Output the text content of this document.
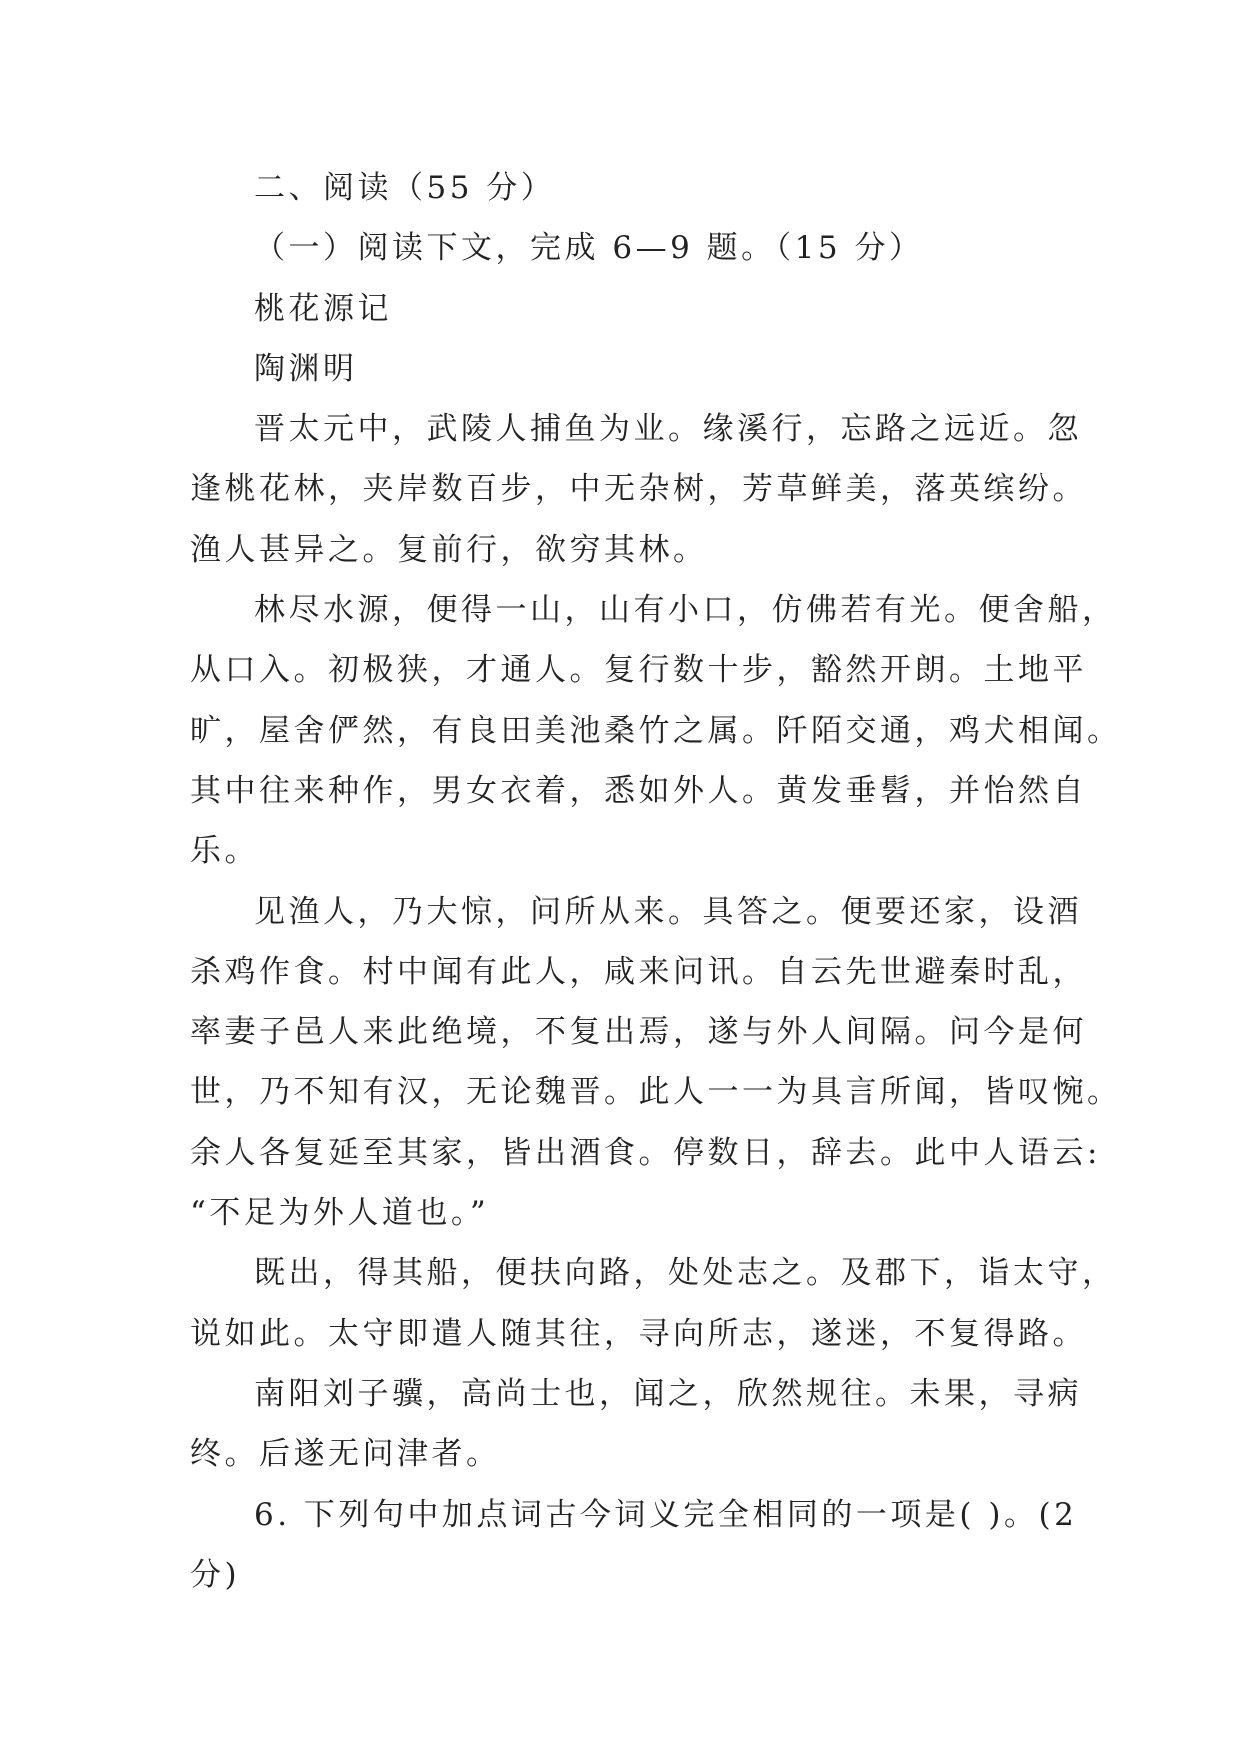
二、阅读（55 分）

（一）阅读下文，完成 6—9 题。（15 分）

桃花源记

陶渊明

晋太元中，武陵人捕鱼为业。缘溪行，忘路之远近。忽
逢桃花林，夹岸数百步，中无杂树，芳草鲜美，落英缤纷。
渔人甚异之。复前行，欲穷其林。

林尽水源，便得一山，山有小口，仿佛若有光。便舍船，
从口入。初极狭，才通人。复行数十步，豁然开朗。土地平
旷，屋舍俨然，有良田美池桑竹之属。阡陌交通，鸡犬相闻。
其中往来种作，男女衣着，悉如外人。黄发垂髫，并怡然自
乐。

见渔人，乃大惊，问所从来。具答之。便要还家，设酒
杀鸡作食。村中闻有此人，咸来问讯。自云先世避秦时乱，
率妻子邑人来此绝境，不复出焉，遂与外人间隔。问今是何
世，乃不知有汉，无论魏晋。此人一一为具言所闻，皆叹惋。
余人各复延至其家，皆出酒食。停数日，辞去。此中人语云:
“不足为外人道也。”

既出，得其船，便扶向路，处处志之。及郡下，诣太守，
说如此。太守即遣人随其往，寻向所志，遂迷，不复得路。

南阳刘子骥，高尚士也，闻之，欣然规往。未果，寻病
终。后遂无问津者。

6. 下列句中加点词古今词义完全相同的一项是( )。(2
分)
